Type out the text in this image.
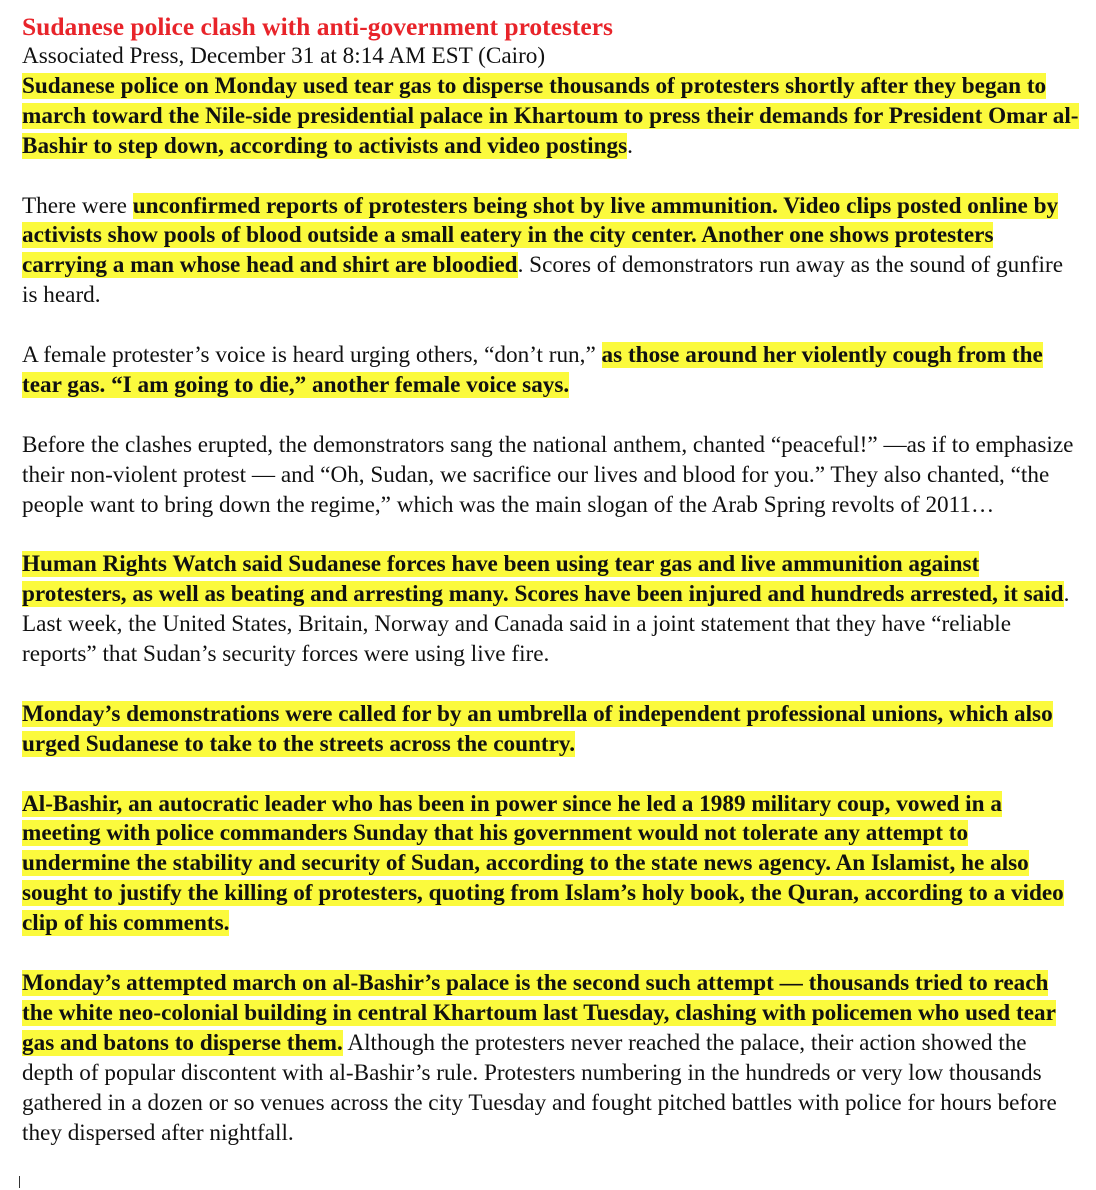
Sudanese police clash with anti-government protesters
Associated Press, December 31 at 8:14 AM EST (Cairo)

Sudanese police on Monday used tear gas to disperse thousands of protesters shortly after they began to march toward the Nile-side presidential palace in Khartoum to press their demands for President Omar al-Bashir to step down, according to activists and video postings.

There were unconfirmed reports of protesters being shot by live ammunition. Video clips posted online by activists show pools of blood outside a small eatery in the city center. Another one shows protesters carrying a man whose head and shirt are bloodied. Scores of demonstrators run away as the sound of gunfire is heard.

A female protester’s voice is heard urging others, “don’t run,” as those around her violently cough from the tear gas. “I am going to die,” another female voice says.

Before the clashes erupted, the demonstrators sang the national anthem, chanted “peaceful!” —as if to emphasize their non-violent protest — and “Oh, Sudan, we sacrifice our lives and blood for you.” They also chanted, “the people want to bring down the regime,” which was the main slogan of the Arab Spring revolts of 2011…

Human Rights Watch said Sudanese forces have been using tear gas and live ammunition against protesters, as well as beating and arresting many. Scores have been injured and hundreds arrested, it said. Last week, the United States, Britain, Norway and Canada said in a joint statement that they have “reliable reports” that Sudan’s security forces were using live fire.

Monday’s demonstrations were called for by an umbrella of independent professional unions, which also urged Sudanese to take to the streets across the country.

Al-Bashir, an autocratic leader who has been in power since he led a 1989 military coup, vowed in a meeting with police commanders Sunday that his government would not tolerate any attempt to undermine the stability and security of Sudan, according to the state news agency. An Islamist, he also sought to justify the killing of protesters, quoting from Islam’s holy book, the Quran, according to a video clip of his comments.

Monday’s attempted march on al-Bashir’s palace is the second such attempt — thousands tried to reach the white neo-colonial building in central Khartoum last Tuesday, clashing with policemen who used tear gas and batons to disperse them. Although the protesters never reached the palace, their action showed the depth of popular discontent with al-Bashir’s rule. Protesters numbering in the hundreds or very low thousands gathered in a dozen or so venues across the city Tuesday and fought pitched battles with police for hours before they dispersed after nightfall.
